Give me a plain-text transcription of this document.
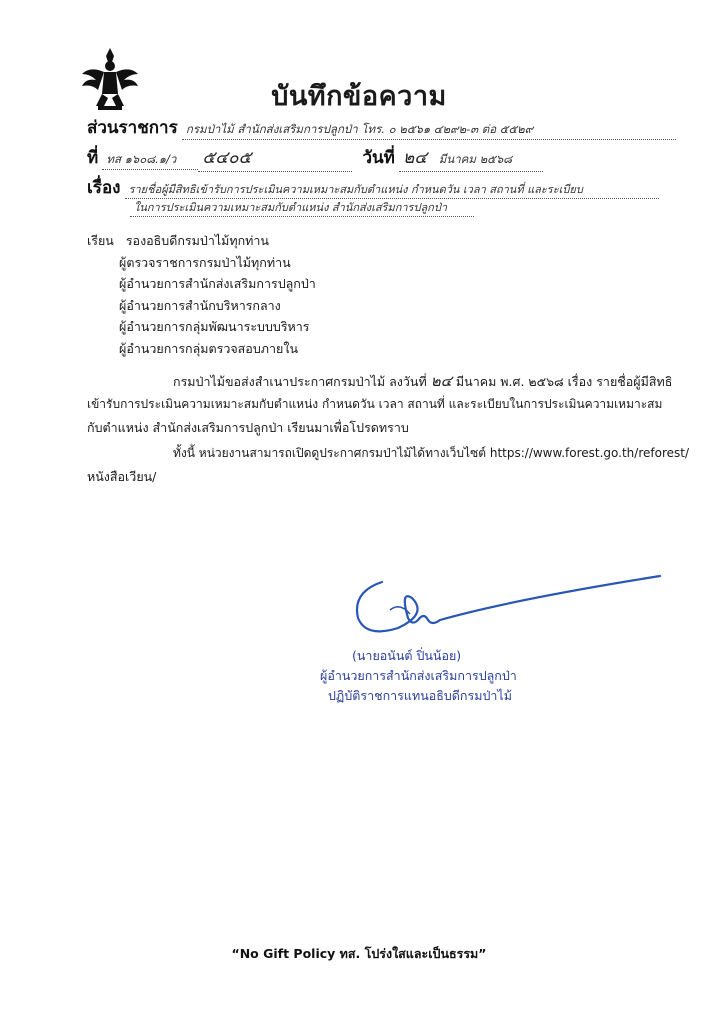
บันทึกข้อความ
ส่วนราชการ กรมป่าไม้ สำนักส่งเสริมการปลูกป่า โทร. ๐ ๒๕๖๑ ๔๒๙๒-๓ ต่อ ๕๕๒๙
ที่ ทส ๑๖๐๘.๑/ว ๕๔๐๕	วันที่ ๒๔ มีนาคม ๒๕๖๘
เรื่อง รายชื่อผู้มีสิทธิเข้ารับการประเมินความเหมาะสมกับตำแหน่ง กำหนดวัน เวลา สถานที่ และระเบียบ
ในการประเมินความเหมาะสมกับตำแหน่ง สำนักส่งเสริมการปลูกป่า
เรียน รองอธิบดีกรมป่าไม้ทุกท่าน
ผู้ตรวจราชการกรมป่าไม้ทุกท่าน
ผู้อำนวยการสำนักส่งเสริมการปลูกป่า
ผู้อำนวยการสำนักบริหารกลาง
ผู้อำนวยการกลุ่มพัฒนาระบบบริหาร
ผู้อำนวยการกลุ่มตรวจสอบภายใน
กรมป่าไม้ขอส่งสำเนาประกาศกรมป่าไม้ ลงวันที่ ๒๔ มีนาคม พ.ศ. ๒๕๖๘ เรื่อง รายชื่อผู้มีสิทธิ
เข้ารับการประเมินความเหมาะสมกับตำแหน่ง กำหนดวัน เวลา สถานที่ และระเบียบในการประเมินความเหมาะสม
กับตำแหน่ง สำนักส่งเสริมการปลูกป่า เรียนมาเพื่อโปรดทราบ
ทั้งนี้ หน่วยงานสามารถเปิดดูประกาศกรมป่าไม้ได้ทางเว็บไซต์ https://www.forest.go.th/reforest/
หนังสือเวียน/
(นายอนันต์ ปิ่นน้อย)
ผู้อำนวยการสำนักส่งเสริมการปลูกป่า
ปฏิบัติราชการแทนอธิบดีกรมป่าไม้
“No Gift Policy ทส. โปร่งใสและเป็นธรรม”
